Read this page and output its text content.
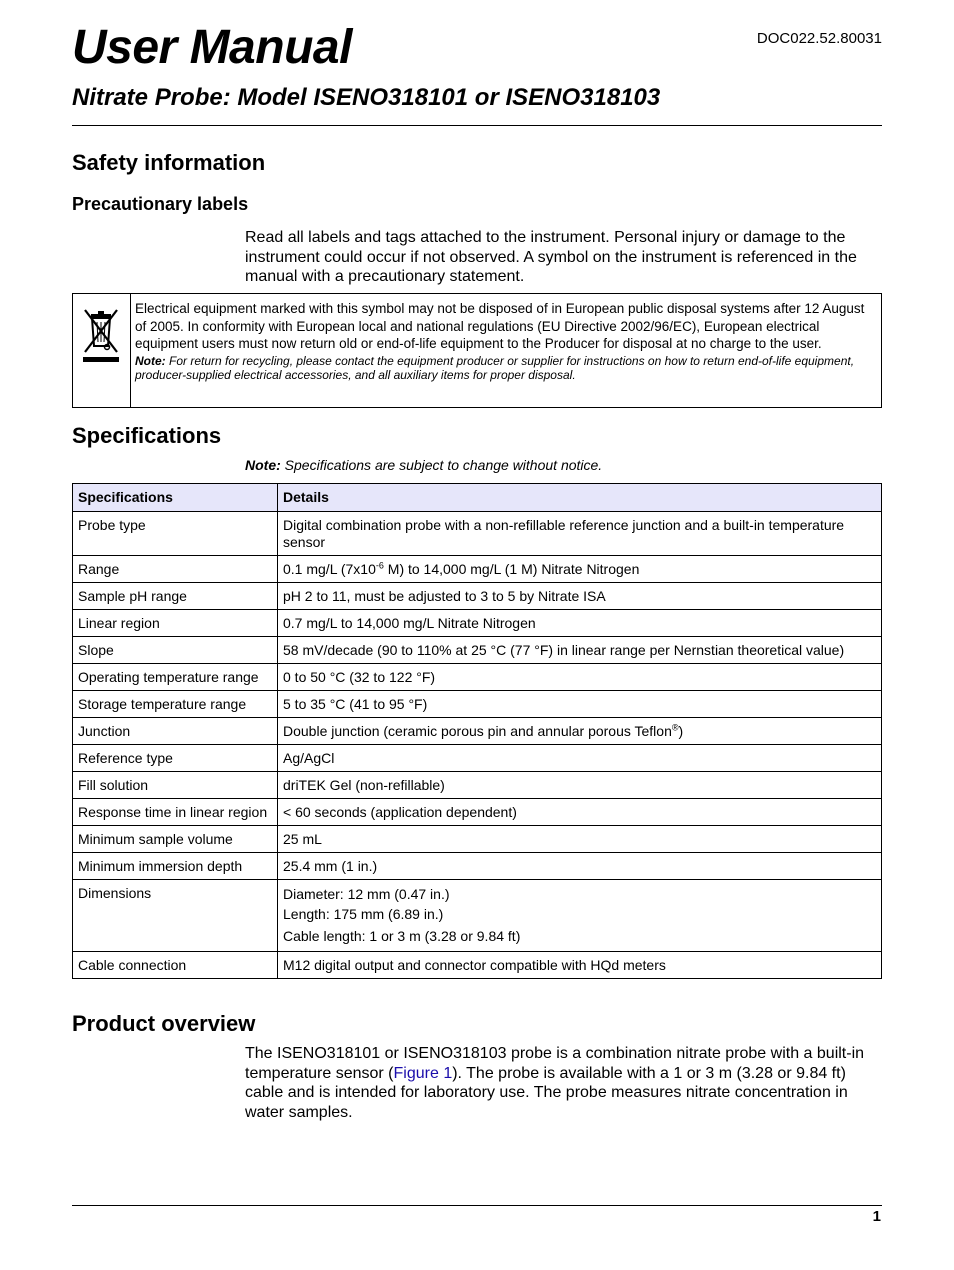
DOC022.52.80031
User Manual
Nitrate Probe: Model ISENO318101 or ISENO318103
Safety information
Precautionary labels

Read all labels and tags attached to the instrument. Personal injury or damage to the instrument could occur if not observed. A symbol on the instrument is referenced in the manual with a precautionary statement.

Electrical equipment marked with this symbol may not be disposed of in European public disposal systems after 12 August of 2005. In conformity with European local and national regulations (EU Directive 2002/96/EC), European electrical equipment users must now return old or end-of-life equipment to the Producer for disposal at no charge to the user.
Note: For return for recycling, please contact the equipment producer or supplier for instructions on how to return end-of-life equipment, producer-supplied electrical accessories, and all auxiliary items for proper disposal.
Specifications
Note: Specifications are subject to change without notice.
Specifications	Details
Probe type	Digital combination probe with a non-refillable reference junction and a built-in temperature sensor
Range	0.1 mg/L ($7x10^{-6}$ M) to 14,000 mg/L (1 M) Nitrate Nitrogen
Sample pH range	pH 2 to 11, must be adjusted to 3 to 5 by Nitrate ISA
Linear region	0.7 mg/L to 14,000 mg/L Nitrate Nitrogen
Slope	58 mV/decade (90 to 110% at 25 °C (77 °F) in linear range per Nernstian theoretical value)
Operating temperature range	0 to 50 °C (32 to 122 °F)
Storage temperature range	5 to 35 °C (41 to 95 °F)
Junction	Double junction (ceramic porous pin and annular porous Teflon®)
Reference type	Ag/AgCl
Fill solution	driTEK Gel (non-refillable)
Response time in linear region	< 60 seconds (application dependent)
Minimum sample volume	25 mL
Minimum immersion depth	25.4 mm (1 in.)
Dimensions	Diameter: 12 mm (0.47 in.)
Length: 175 mm (6.89 in.)
Cable length: 1 or 3 m (3.28 or 9.84 ft)

Cable connection	M12 digital output and connector compatible with HQd meters
Product overview

The ISENO318101 or ISENO318103 probe is a combination nitrate probe with a built-in temperature sensor (Figure 1). The probe is available with a 1 or 3 m (3.28 or 9.84 ft) cable and is intended for laboratory use. The probe measures nitrate concentration in water samples.

1
